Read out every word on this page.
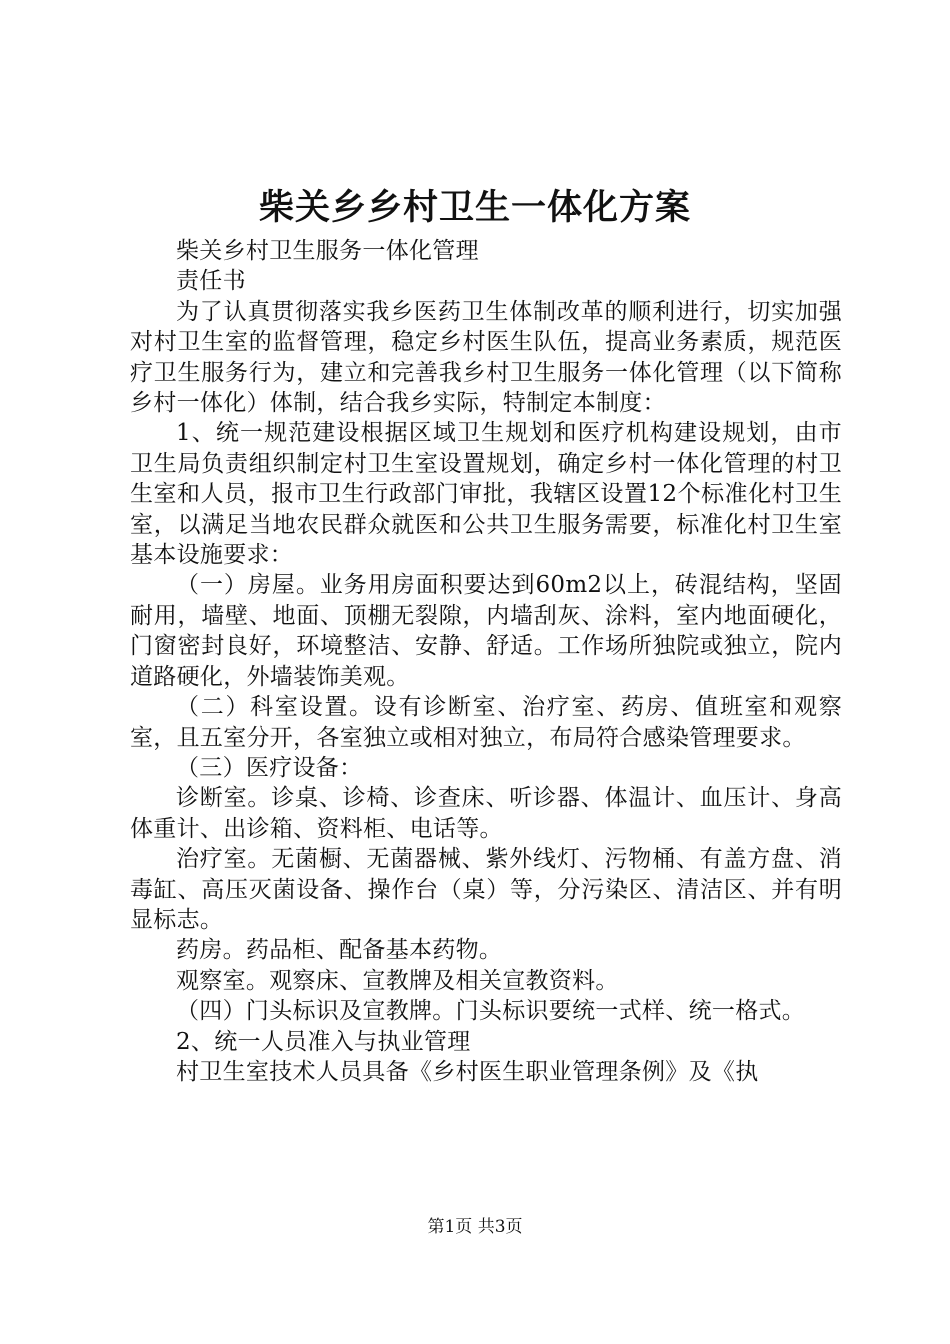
柴关乡乡村卫生一体化方案

柴关乡村卫生服务一体化管理

责任书

为了认真贯彻落实我乡医药卫生体制改革的顺利进行，切实加强对村卫生室的监督管理，稳定乡村医生队伍，提高业务素质，规范医疗卫生服务行为，建立和完善我乡村卫生服务一体化管理（以下简称乡村一体化）体制，结合我乡实际，特制定本制度：

1、统一规范建设根据区域卫生规划和医疗机构建设规划，由市卫生局负责组织制定村卫生室设置规划，确定乡村一体化管理的村卫生室和人员，报市卫生行政部门审批，我辖区设置12个标准化村卫生室，以满足当地农民群众就医和公共卫生服务需要，标准化村卫生室基本设施要求：

（一）房屋。业务用房面积要达到60m2以上，砖混结构，坚固耐用，墙壁、地面、顶棚无裂隙，内墙刮灰、涂料，室内地面硬化，门窗密封良好，环境整洁、安静、舒适。工作场所独院或独立，院内道路硬化，外墙装饰美观。

（二）科室设置。设有诊断室、治疗室、药房、值班室和观察室，且五室分开，各室独立或相对独立，布局符合感染管理要求。

（三）医疗设备：

诊断室。诊桌、诊椅、诊查床、听诊器、体温计、血压计、身高体重计、出诊箱、资料柜、电话等。

治疗室。无菌橱、无菌器械、紫外线灯、污物桶、有盖方盘、消毒缸、高压灭菌设备、操作台（桌）等，分污染区、清洁区、并有明显标志。

药房。药品柜、配备基本药物。

观察室。观察床、宣教牌及相关宣教资料。

（四）门头标识及宣教牌。门头标识要统一式样、统一格式。

2、统一人员准入与执业管理

村卫生室技术人员具备《乡村医生职业管理条例》及《执

第1页 共3页
